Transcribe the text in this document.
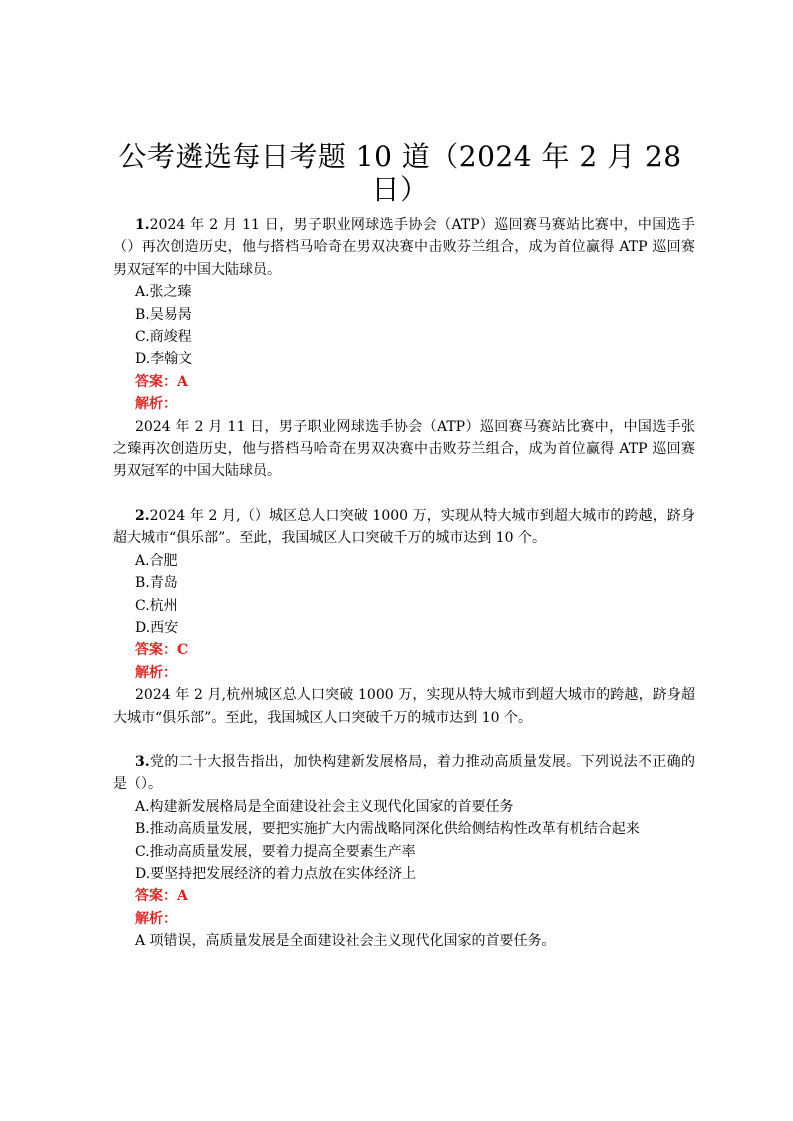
公考遴选每日考题 10 道（2024 年 2 月 28 日）

1.2024 年 2 月 11 日，男子职业网球选手协会（ATP）巡回赛马赛站比赛中，中国选手（）再次创造历史，他与搭档马哈奇在男双决赛中击败芬兰组合，成为首位赢得 ATP 巡回赛男双冠军的中国大陆球员。

A.张之臻

B.吴易昺

C.商竣程

D.李翰文

答案：A

解析：

2024 年 2 月 11 日，男子职业网球选手协会（ATP）巡回赛马赛站比赛中，中国选手张之臻再次创造历史，他与搭档马哈奇在男双决赛中击败芬兰组合，成为首位赢得 ATP 巡回赛男双冠军的中国大陆球员。

2.2024 年 2 月,（）城区总人口突破 1000 万，实现从特大城市到超大城市的跨越，跻身超大城市“俱乐部”。至此，我国城区人口突破千万的城市达到 10 个。

A.合肥

B.青岛

C.杭州

D.西安

答案：C

解析：

2024 年 2 月,杭州城区总人口突破 1000 万，实现从特大城市到超大城市的跨越，跻身超大城市“俱乐部”。至此，我国城区人口突破千万的城市达到 10 个。

3.党的二十大报告指出，加快构建新发展格局，着力推动高质量发展。下列说法不正确的是（）。

A.构建新发展格局是全面建设社会主义现代化国家的首要任务

B.推动高质量发展，要把实施扩大内需战略同深化供给侧结构性改革有机结合起来

C.推动高质量发展，要着力提高全要素生产率

D.要坚持把发展经济的着力点放在实体经济上

答案：A

解析：

A 项错误，高质量发展是全面建设社会主义现代化国家的首要任务。
